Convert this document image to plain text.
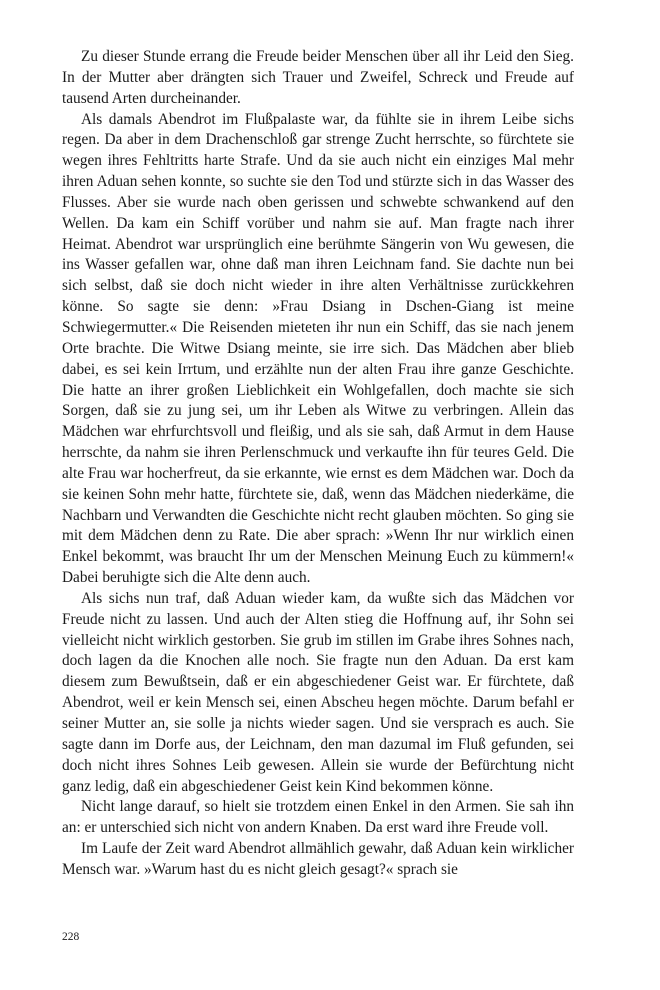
Zu dieser Stunde errang die Freude beider Menschen über all ihr Leid den Sieg. In der Mutter aber drängten sich Trauer und Zweifel, Schreck und Freude auf tausend Arten durcheinander.

Als damals Abendrot im Flußpalaste war, da fühlte sie in ihrem Leibe sichs regen. Da aber in dem Drachenschloß gar strenge Zucht herrschte, so fürchtete sie wegen ihres Fehltritts harte Strafe. Und da sie auch nicht ein einziges Mal mehr ihren Aduan sehen konnte, so suchte sie den Tod und stürzte sich in das Wasser des Flusses. Aber sie wurde nach oben gerissen und schwebte schwankend auf den Wellen. Da kam ein Schiff vorüber und nahm sie auf. Man fragte nach ihrer Heimat. Abendrot war ursprünglich eine berühmte Sängerin von Wu gewesen, die ins Wasser gefallen war, ohne daß man ihren Leichnam fand. Sie dachte nun bei sich selbst, daß sie doch nicht wieder in ihre alten Verhältnisse zurückkehren könne. So sagte sie denn: »Frau Dsiang in Dschen-Giang ist meine Schwiegermutter.« Die Reisenden mieteten ihr nun ein Schiff, das sie nach jenem Orte brachte. Die Witwe Dsiang meinte, sie irre sich. Das Mädchen aber blieb dabei, es sei kein Irrtum, und erzählte nun der alten Frau ihre ganze Geschichte. Die hatte an ihrer großen Lieblichkeit ein Wohlgefallen, doch machte sie sich Sorgen, daß sie zu jung sei, um ihr Leben als Witwe zu verbringen. Allein das Mädchen war ehrfurchtsvoll und fleißig, und als sie sah, daß Armut in dem Hause herrschte, da nahm sie ihren Perlenschmuck und verkaufte ihn für teures Geld. Die alte Frau war hocherfreut, da sie erkannte, wie ernst es dem Mädchen war. Doch da sie keinen Sohn mehr hatte, fürchtete sie, daß, wenn das Mädchen niederkäme, die Nachbarn und Verwandten die Geschichte nicht recht glauben möchten. So ging sie mit dem Mädchen denn zu Rate. Die aber sprach: »Wenn Ihr nur wirklich einen Enkel bekommt, was braucht Ihr um der Menschen Meinung Euch zu kümmern!« Dabei beruhigte sich die Alte denn auch.

Als sichs nun traf, daß Aduan wieder kam, da wußte sich das Mädchen vor Freude nicht zu lassen. Und auch der Alten stieg die Hoffnung auf, ihr Sohn sei vielleicht nicht wirklich gestorben. Sie grub im stillen im Grabe ihres Sohnes nach, doch lagen da die Knochen alle noch. Sie fragte nun den Aduan. Da erst kam diesem zum Bewußtsein, daß er ein abgeschiedener Geist war. Er fürchtete, daß Abendrot, weil er kein Mensch sei, einen Abscheu hegen möchte. Darum befahl er seiner Mutter an, sie solle ja nichts wieder sagen. Und sie versprach es auch. Sie sagte dann im Dorfe aus, der Leichnam, den man dazumal im Fluß gefunden, sei doch nicht ihres Sohnes Leib gewesen. Allein sie wurde der Befürchtung nicht ganz ledig, daß ein abgeschiedener Geist kein Kind bekommen könne.

Nicht lange darauf, so hielt sie trotzdem einen Enkel in den Armen. Sie sah ihn an: er unterschied sich nicht von andern Knaben. Da erst ward ihre Freude voll.

Im Laufe der Zeit ward Abendrot allmählich gewahr, daß Aduan kein wirklicher Mensch war. »Warum hast du es nicht gleich gesagt?« sprach sie

228
